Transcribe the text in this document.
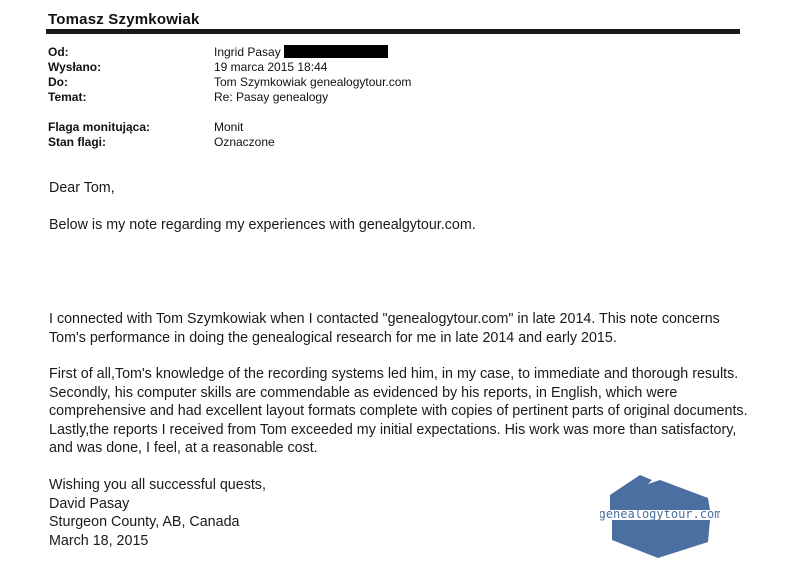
Tomasz Szymkowiak
Od:	Ingrid Pasay
Wysłano:	19 marca 2015 18:44
Do:	Tom Szymkowiak genealogytour.com
Temat:	Re: Pasay genealogy
Flaga monitująca:	Monit
Stan flagi:	Oznaczone
Dear Tom,
Below is my note regarding my experiences with genealgytour.com.
I connected with Tom Szymkowiak when I contacted "genealogytour.com" in late 2014. This note concerns Tom's performance in doing the genealogical research for me in late 2014 and early 2015.
First of all,Tom's knowledge of the recording systems led him, in my case, to immediate and thorough results. Secondly, his computer skills are commendable as evidenced by his reports, in English, which were comprehensive and had excellent layout formats complete with copies of pertinent parts of original documents. Lastly,the reports I received from Tom exceeded my initial expectations. His work was more than satisfactory, and was done, I feel, at a reasonable cost.
Wishing you all successful quests,
David Pasay
Sturgeon County, AB, Canada
March 18, 2015
genealogytour.com
